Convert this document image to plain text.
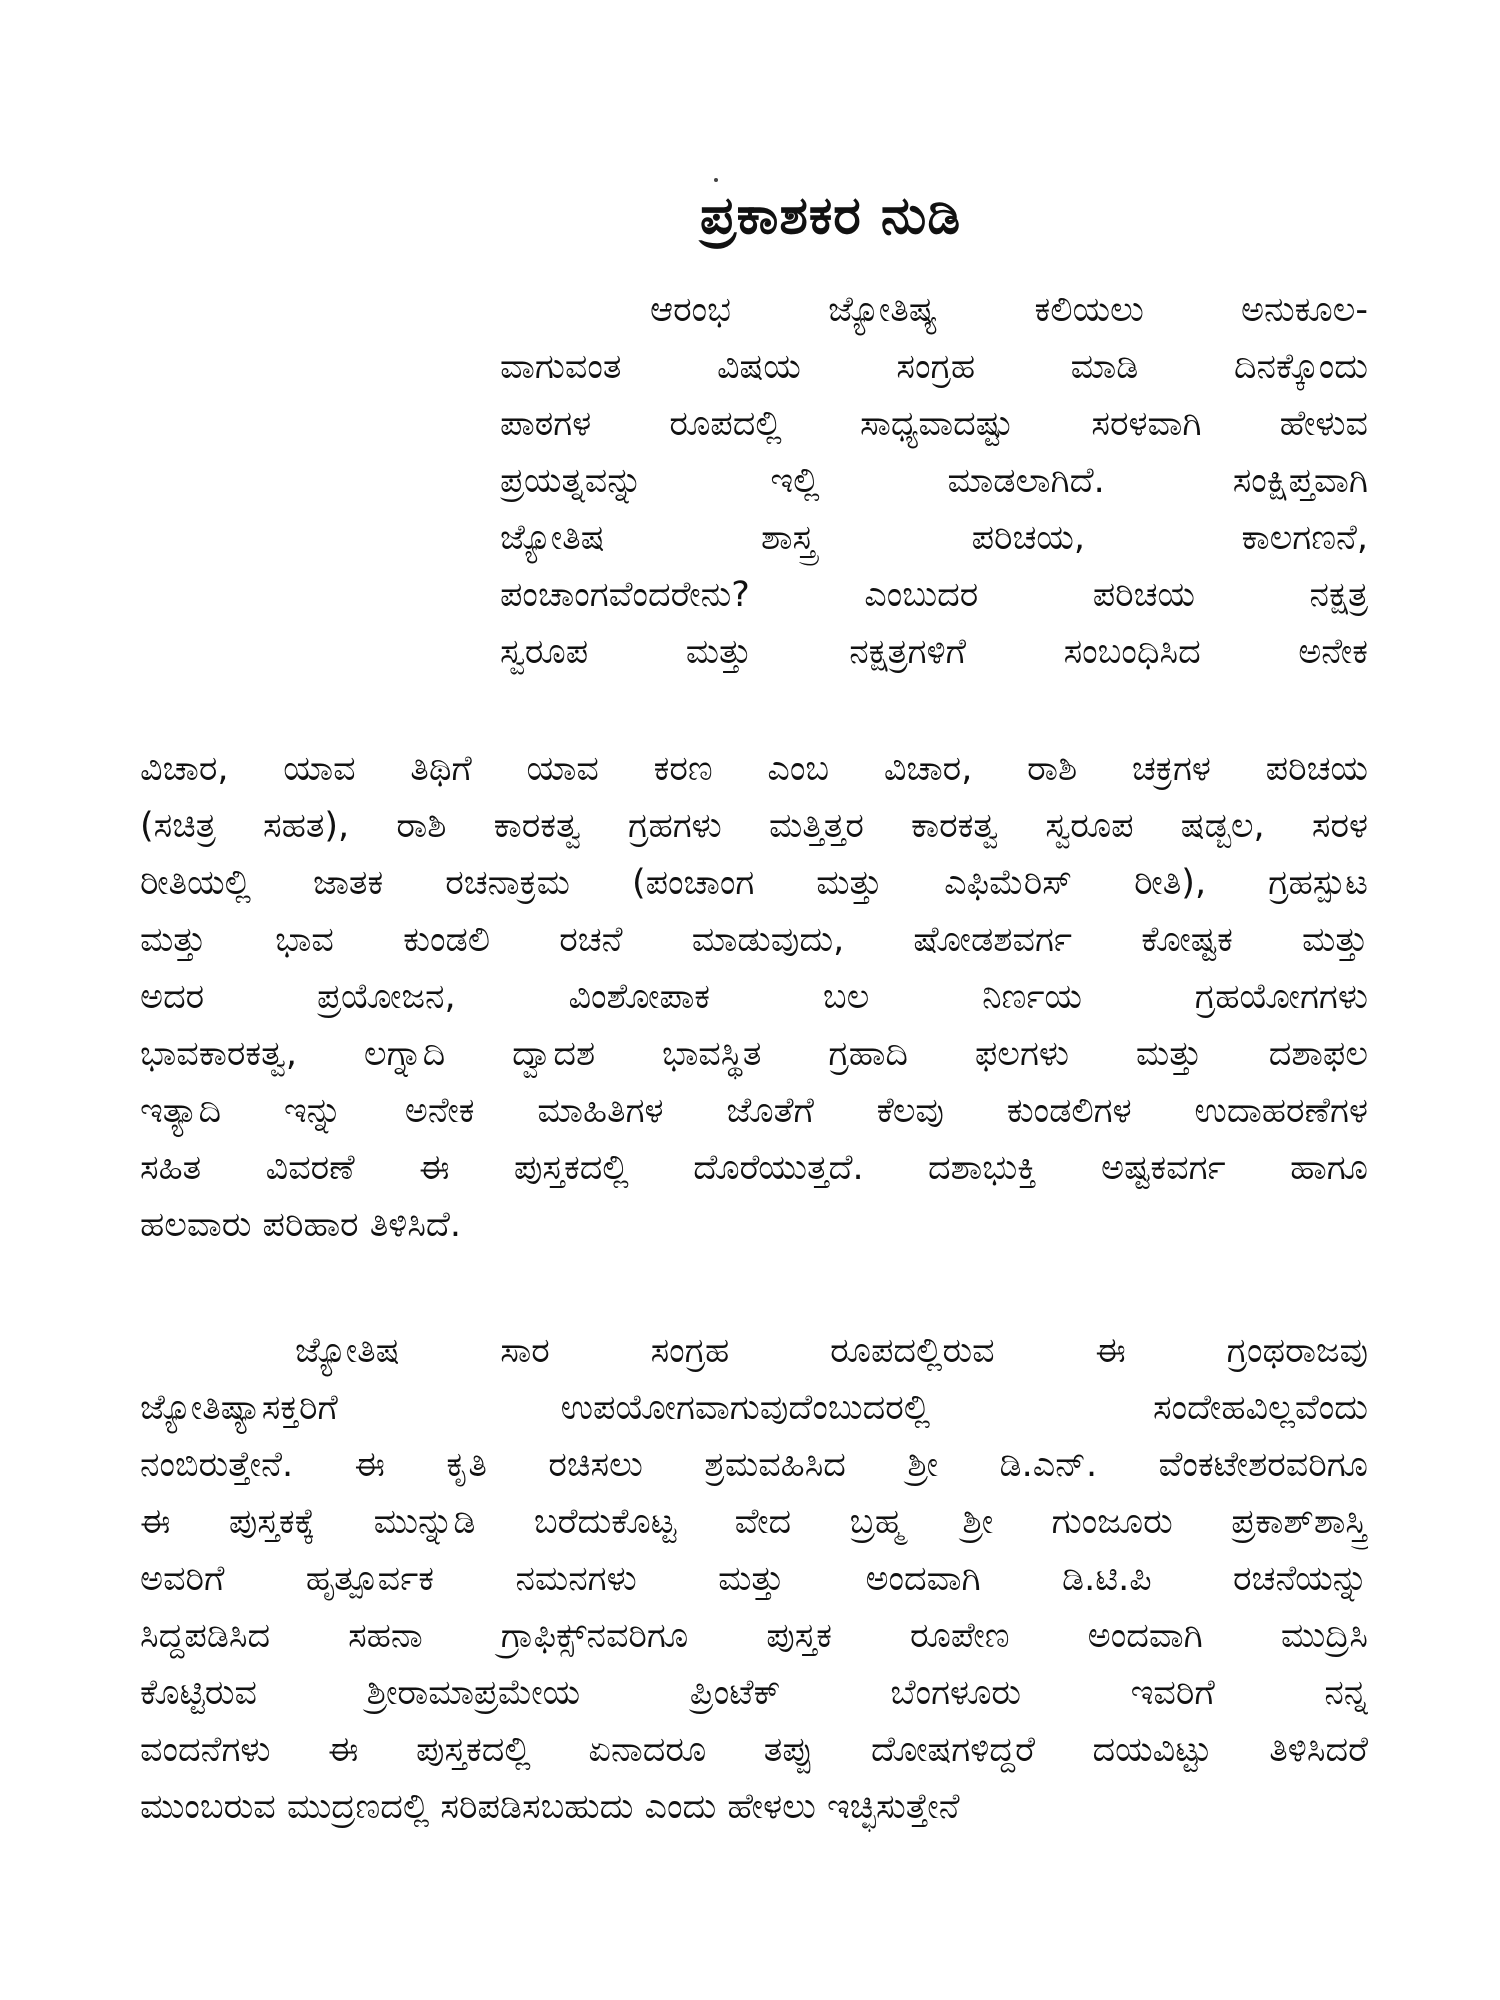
ಪ್ರಕಾಶಕರ ನುಡಿ
ಆರಂಭ ಜ್ಯೋತಿಷ್ಯ ಕಲಿಯಲು ಅನುಕೂಲ-
ವಾಗುವಂತ ವಿಷಯ ಸಂಗ್ರಹ ಮಾಡಿ ದಿನಕ್ಕೊಂದು
ಪಾಠಗಳ ರೂಪದಲ್ಲಿ ಸಾಧ್ಯವಾದಷ್ಟು ಸರಳವಾಗಿ ಹೇಳುವ
ಪ್ರಯತ್ನವನ್ನು ಇಲ್ಲಿ ಮಾಡಲಾಗಿದೆ. ಸಂಕ್ಷಿಪ್ತವಾಗಿ
ಜ್ಯೋತಿಷ ಶಾಸ್ತ್ರ ಪರಿಚಯ, ಕಾಲಗಣನೆ,
ಪಂಚಾಂಗವೆಂದರೇನು? ಎಂಬುದರ ಪರಿಚಯ ನಕ್ಷತ್ರ
ಸ್ವರೂಪ ಮತ್ತು ನಕ್ಷತ್ರಗಳಿಗೆ ಸಂಬಂಧಿಸಿದ ಅನೇಕ
ವಿಚಾರ, ಯಾವ ತಿಥಿಗೆ ಯಾವ ಕರಣ ಎಂಬ ವಿಚಾರ, ರಾಶಿ ಚಕ್ರಗಳ ಪರಿಚಯ
(ಸಚಿತ್ರ ಸಹತ), ರಾಶಿ ಕಾರಕತ್ವ ಗ್ರಹಗಳು ಮತ್ತಿತ್ತರ ಕಾರಕತ್ವ ಸ್ವರೂಪ ಷಡ್ಬಲ, ಸರಳ
ರೀತಿಯಲ್ಲಿ ಜಾತಕ ರಚನಾಕ್ರಮ (ಪಂಚಾಂಗ ಮತ್ತು ಎಫಿಮೆರಿಸ್ ರೀತಿ), ಗ್ರಹಸ್ಪುಟ
ಮತ್ತು ಭಾವ ಕುಂಡಲಿ ರಚನೆ ಮಾಡುವುದು, ಷೋಡಶವರ್ಗ ಕೋಷ್ಟಕ ಮತ್ತು
ಅದರ ಪ್ರಯೋಜನ, ವಿಂಶೋಪಾಕ ಬಲ ನಿರ್ಣಯ ಗ್ರಹಯೋಗಗಳು
ಭಾವಕಾರಕತ್ವ, ಲಗ್ನಾದಿ ದ್ವಾದಶ ಭಾವಸ್ಥಿತ ಗ್ರಹಾದಿ ಫಲಗಳು ಮತ್ತು ದಶಾಫಲ
ಇತ್ಯಾದಿ ಇನ್ನು ಅನೇಕ ಮಾಹಿತಿಗಳ ಜೊತೆಗೆ ಕೆಲವು ಕುಂಡಲಿಗಳ ಉದಾಹರಣೆಗಳ
ಸಹಿತ ವಿವರಣೆ ಈ ಪುಸ್ತಕದಲ್ಲಿ ದೊರೆಯುತ್ತದೆ. ದಶಾಭುಕ್ತಿ ಅಷ್ಟಕವರ್ಗ ಹಾಗೂ
ಹಲವಾರು ಪರಿಹಾರ ತಿಳಿಸಿದೆ.
ಜ್ಯೋತಿಷ ಸಾರ ಸಂಗ್ರಹ ರೂಪದಲ್ಲಿರುವ ಈ ಗ್ರಂಥರಾಜವು
ಜ್ಯೋತಿಷ್ಯಾಸಕ್ತರಿಗೆ ಉಪಯೋಗವಾಗುವುದೆಂಬುದರಲ್ಲಿ ಸಂದೇಹವಿಲ್ಲವೆಂದು
ನಂಬಿರುತ್ತೇನೆ. ಈ ಕೃತಿ ರಚಿಸಲು ಶ್ರಮವಹಿಸಿದ ಶ್ರೀ ಡಿ.ಎನ್. ವೆಂಕಟೇಶರವರಿಗೂ
ಈ ಪುಸ್ತಕಕ್ಕೆ ಮುನ್ನುಡಿ ಬರೆದುಕೊಟ್ಟ ವೇದ ಬ್ರಹ್ಮ ಶ್ರೀ ಗುಂಜೂರು ಪ್ರಕಾಶ್‌ಶಾಸ್ತ್ರಿ
ಅವರಿಗೆ ಹೃತ್ಪೂರ್ವಕ ನಮನಗಳು ಮತ್ತು ಅಂದವಾಗಿ ಡಿ.ಟಿ.ಪಿ ರಚನೆಯನ್ನು
ಸಿದ್ದಪಡಿಸಿದ ಸಹನಾ ಗ್ರಾಫಿಕ್ಸ್‌ನವರಿಗೂ ಪುಸ್ತಕ ರೂಪೇಣ ಅಂದವಾಗಿ ಮುದ್ರಿಸಿ
ಕೊಟ್ಟಿರುವ ಶ್ರೀರಾಮಾಪ್ರಮೇಯ ಪ್ರಿಂಟೆಕ್ ಬೆಂಗಳೂರು ಇವರಿಗೆ ನನ್ನ
ವಂದನೆಗಳು ಈ ಪುಸ್ತಕದಲ್ಲಿ ಏನಾದರೂ ತಪ್ಪು ದೋಷಗಳಿದ್ದರೆ ದಯವಿಟ್ಟು ತಿಳಿಸಿದರೆ
ಮುಂಬರುವ ಮುದ್ರಣದಲ್ಲಿ ಸರಿಪಡಿಸಬಹುದು ಎಂದು ಹೇಳಲು ಇಚ್ಛಿಸುತ್ತೇನೆ
